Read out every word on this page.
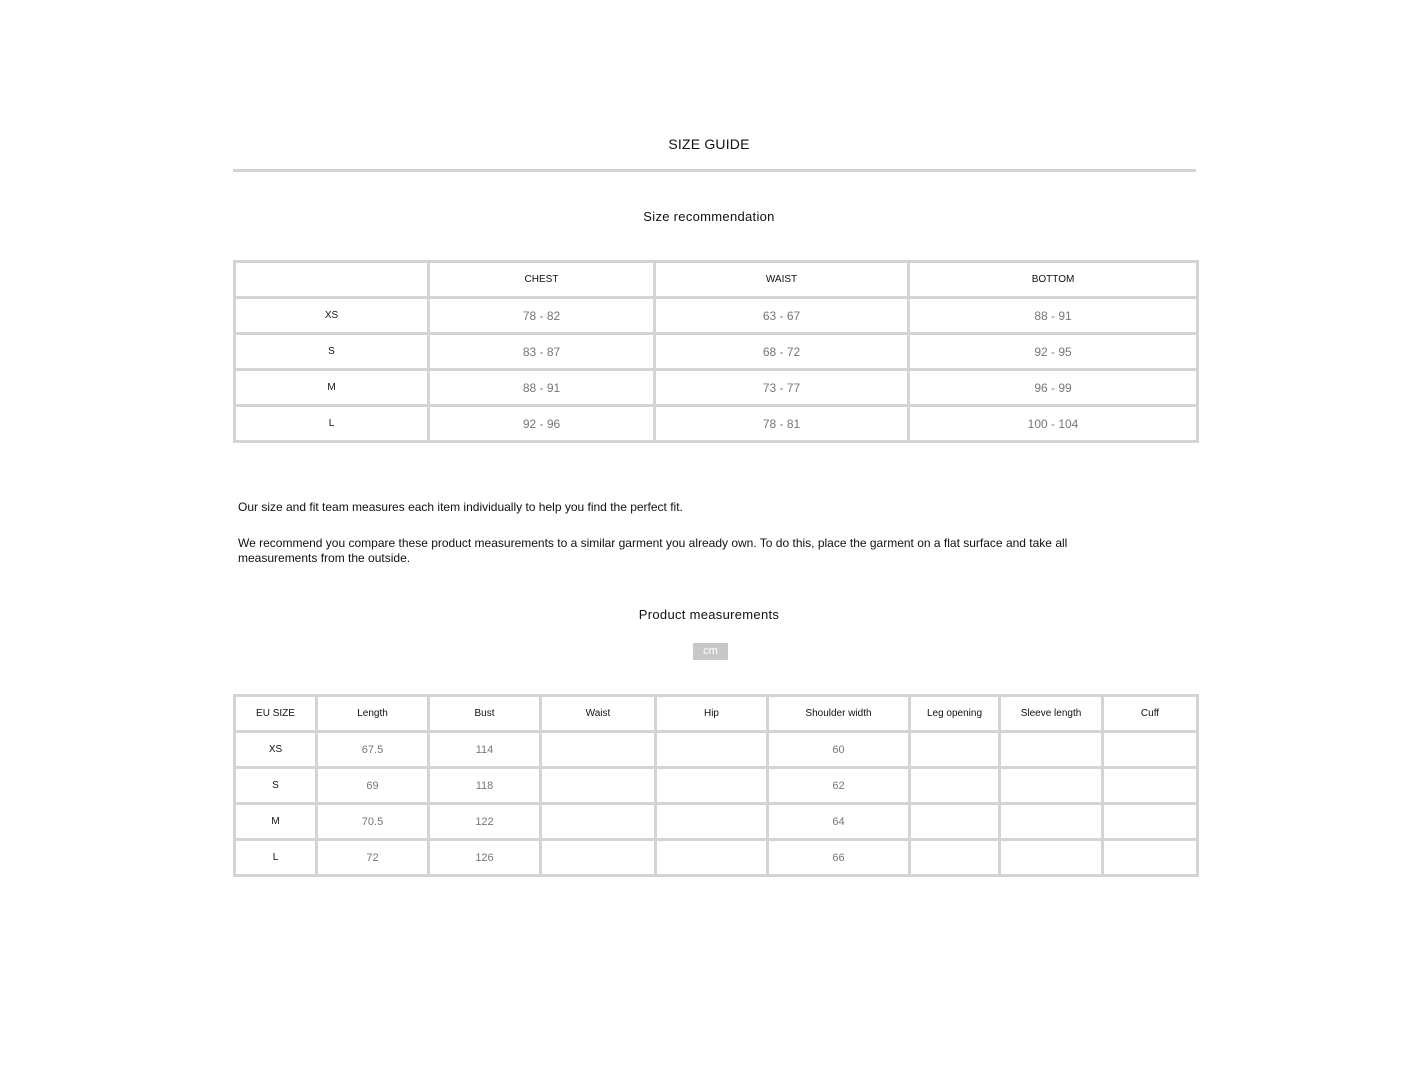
SIZE GUIDE
Size recommendation
	CHEST	WAIST	BOTTOM
XS	78 - 82	63 - 67	88 - 91
S	83 - 87	68 - 72	92 - 95
M	88 - 91	73 - 77	96 - 99
L	92 - 96	78 - 81	100 - 104
Our size and fit team measures each item individually to help you find the perfect fit.
We recommend you compare these product measurements to a similar garment you already own. To do this, place the garment on a flat surface and take all measurements from the outside.
Product measurements
cm
EU SIZE	Length	Bust	Waist	Hip	Shoulder width	Leg opening	Sleeve length	Cuff
XS	67.5	114			60			
S	69	118			62			
M	70.5	122			64			
L	72	126			66			
